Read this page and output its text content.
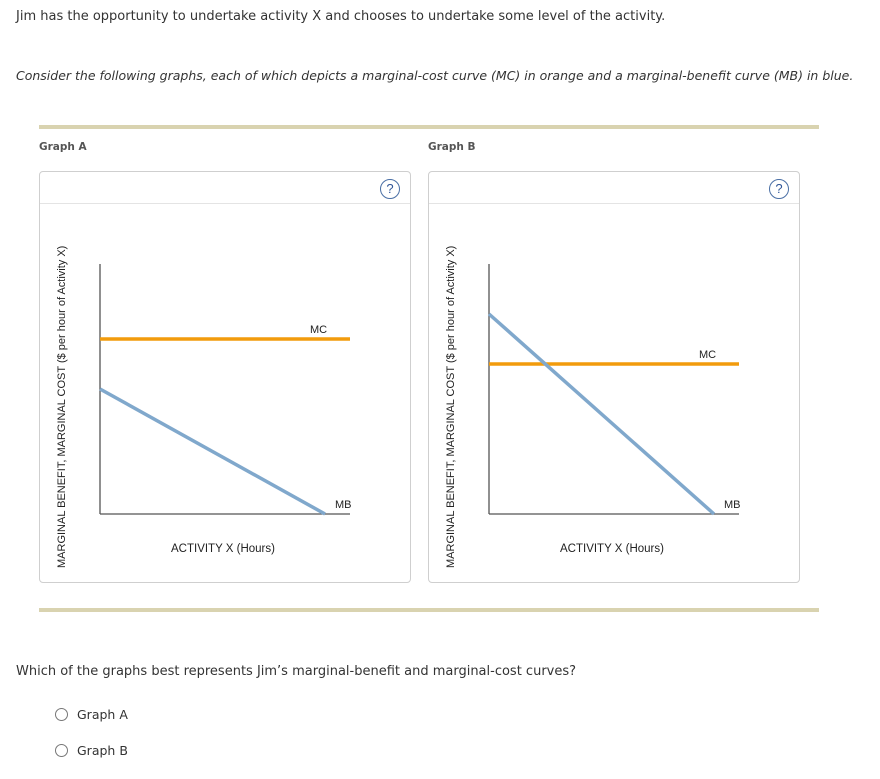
Jim has the opportunity to undertake activity X and chooses to undertake some level of the activity.
Consider the following graphs, each of which depicts a marginal-cost curve (MC) in orange and a marginal-benefit curve (MB) in blue.
Graph A
?
MARGINAL BENEFIT, MARGINAL COST ($ per hour of Activity X)	MC
MB
ACTIVITY X (Hours)
Graph B
?
MARGINAL BENEFIT, MARGINAL COST ($ per hour of Activity X)	MC
MB
ACTIVITY X (Hours)
Which of the graphs best represents Jim’s marginal-benefit and marginal-cost curves?
Graph A
Graph B
